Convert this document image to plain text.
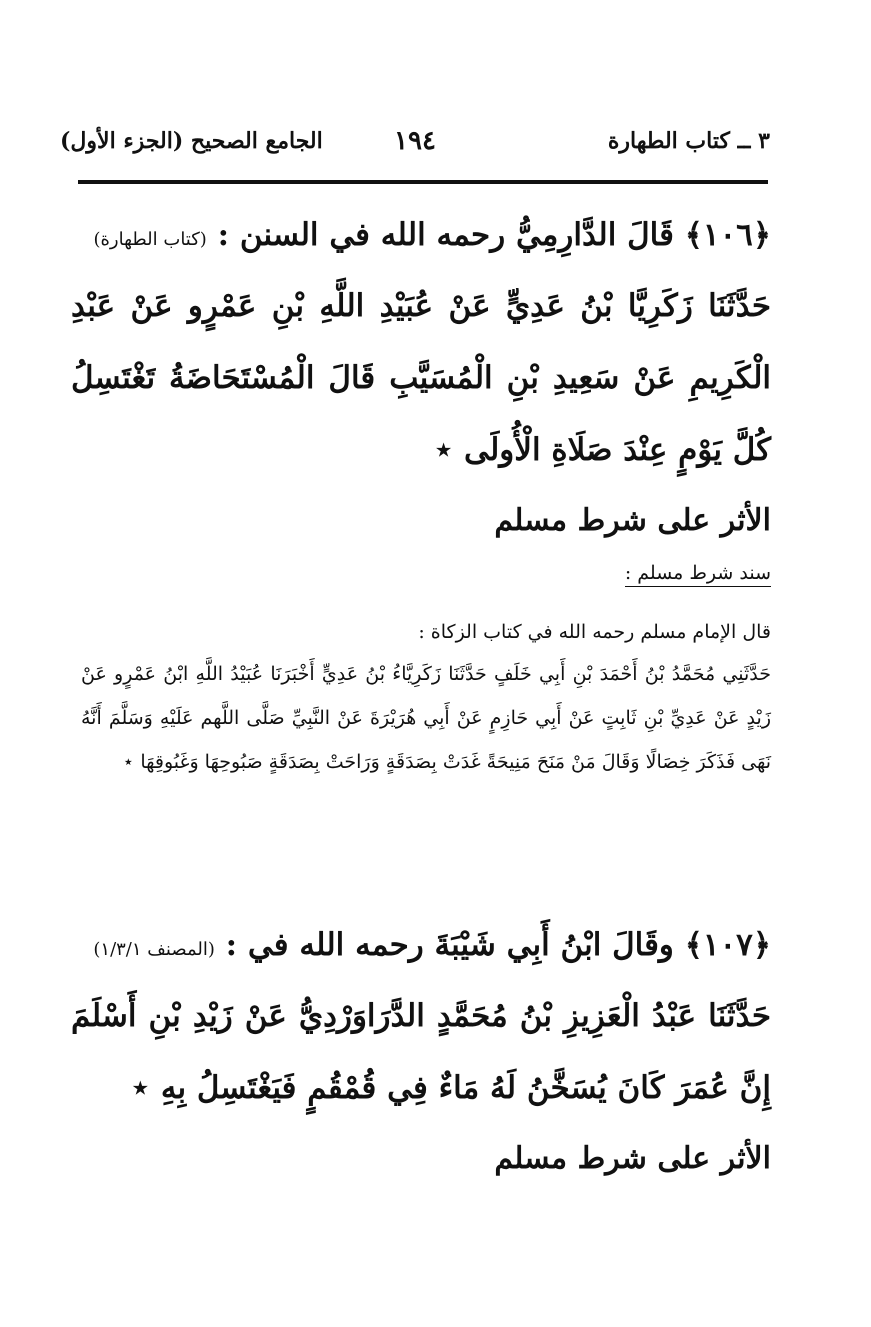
٣ ــ كتاب الطهارة
١٩٤
الجامع الصحيح (الجزء الأول)
﴿١٠٦﴾ قَالَ الدَّارِمِيُّ رحمه الله في السنن : (كتاب الطهارة)
حَدَّثَنَا زَكَرِيَّا بْنُ عَدِيٍّ عَنْ عُبَيْدِ اللَّهِ بْنِ عَمْرٍو عَنْ عَبْدِ الْكَرِيمِ عَنْ سَعِيدِ بْنِ الْمُسَيَّبِ قَالَ الْمُسْتَحَاضَةُ تَغْتَسِلُ كُلَّ يَوْمٍ عِنْدَ صَلَاةِ الْأُولَى ⋆
الأثر على شرط مسلم
سند شرط مسلم :
قال الإمام مسلم رحمه الله في كتاب الزكاة :
حَدَّثَنِي مُحَمَّدُ بْنُ أَحْمَدَ بْنِ أَبِي خَلَفٍ حَدَّثَنَا زَكَرِيَّاءُ بْنُ عَدِيٍّ أَخْبَرَنَا عُبَيْدُ اللَّهِ ابْنُ عَمْرٍو عَنْ زَيْدٍ عَنْ عَدِيِّ بْنِ ثَابِتٍ عَنْ أَبِي حَازِمٍ عَنْ أَبِي هُرَيْرَةَ عَنْ النَّبِيِّ صَلَّى اللَّهم عَلَيْهِ وَسَلَّمَ أَنَّهُ نَهَى فَذَكَرَ خِصَالًا وَقَالَ مَنْ مَنَحَ مَنِيحَةً غَدَتْ بِصَدَقَةٍ وَرَاحَتْ بِصَدَقَةٍ صَبُوحِهَا وَغَبُوقِهَا ⋆
﴿١٠٧﴾ وقَالَ ابْنُ أَبِي شَيْبَةَ رحمه الله في : (المصنف ١/٣/١)
حَدَّثَنَا عَبْدُ الْعَزِيزِ بْنُ مُحَمَّدٍ الدَّرَاوَرْدِيُّ عَنْ زَيْدِ بْنِ أَسْلَمَ إِنَّ عُمَرَ كَانَ يُسَخَّنُ لَهُ مَاءٌ فِي قُمْقُمٍ فَيَغْتَسِلُ بِهِ ⋆
الأثر على شرط مسلم
